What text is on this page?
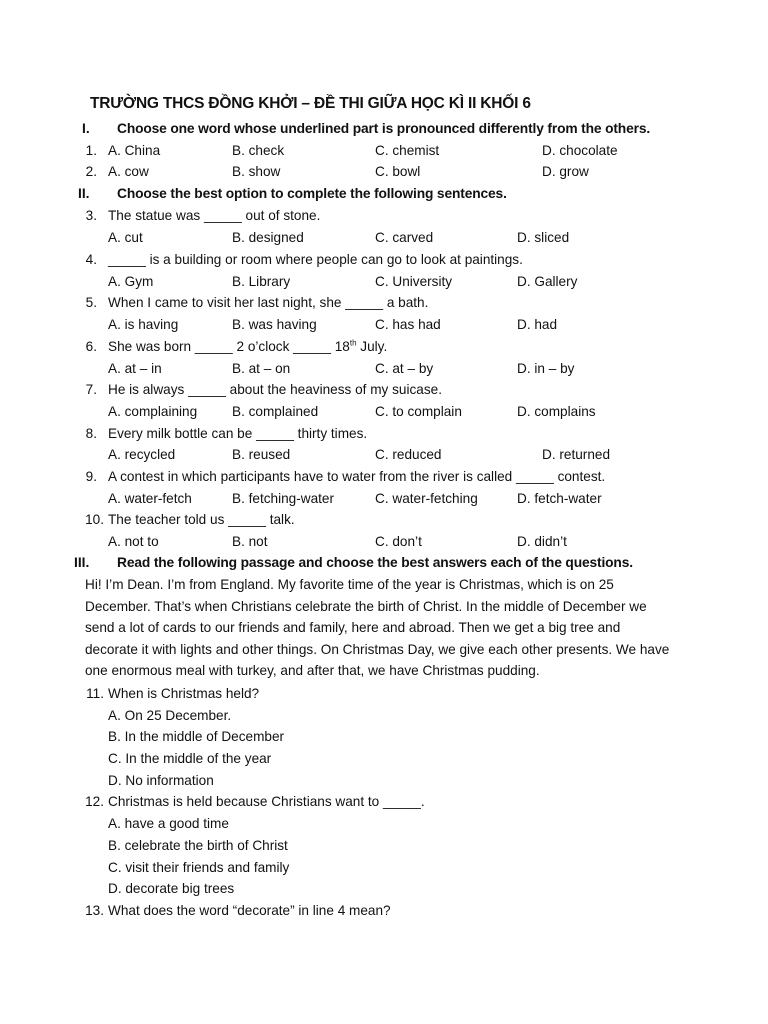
TRƯỜNG THCS ĐỒNG KHỞI – ĐỀ THI GIỮA HỌC KÌ II KHỐI 6
I. Choose one word whose underlined part is pronounced differently from the others.
1. A. China	B. check	C. chemist	D. chocolate
2. A. cow	B. show	C. bowl	D. grow
II. Choose the best option to complete the following sentences.
3. The statue was _____ out of stone.
A. cut	B. designed	C. carved	D. sliced
4. _____ is a building or room where people can go to look at paintings.
A. Gym	B. Library	C. University	D. Gallery
5. When I came to visit her last night, she _____ a bath.
A. is having	B. was having	C. has had	D. had
6. She was born _____ 2 o’clock _____ 18th July.
A. at – in	B. at – on	C. at – by	D. in – by
7. He is always _____ about the heaviness of my suicase.
A. complaining	B. complained	C. to complain	D. complains
8. Every milk bottle can be _____ thirty times.
A. recycled	B. reused	C. reduced	D. returned
9. A contest in which participants have to water from the river is called _____ contest.
A. water-fetch	B. fetching-water	C. water-fetching	D. fetch-water
10. The teacher told us _____ talk.
A. not to	B. not	C. don’t	D. didn’t
III. Read the following passage and choose the best answers each of the questions.
Hi! I’m Dean. I’m from England. My favorite time of the year is Christmas, which is on 25
December. That’s when Christians celebrate the birth of Christ. In the middle of December we
send a lot of cards to our friends and family, here and abroad. Then we get a big tree and
decorate it with lights and other things. On Christmas Day, we give each other presents. We have
one enormous meal with turkey, and after that, we have Christmas pudding.
11. When is Christmas held?
A. On 25 December.
B. In the middle of December
C. In the middle of the year
D. No information
12. Christmas is held because Christians want to _____.
A. have a good time
B. celebrate the birth of Christ
C. visit their friends and family
D. decorate big trees
13. What does the word “decorate” in line 4 mean?
